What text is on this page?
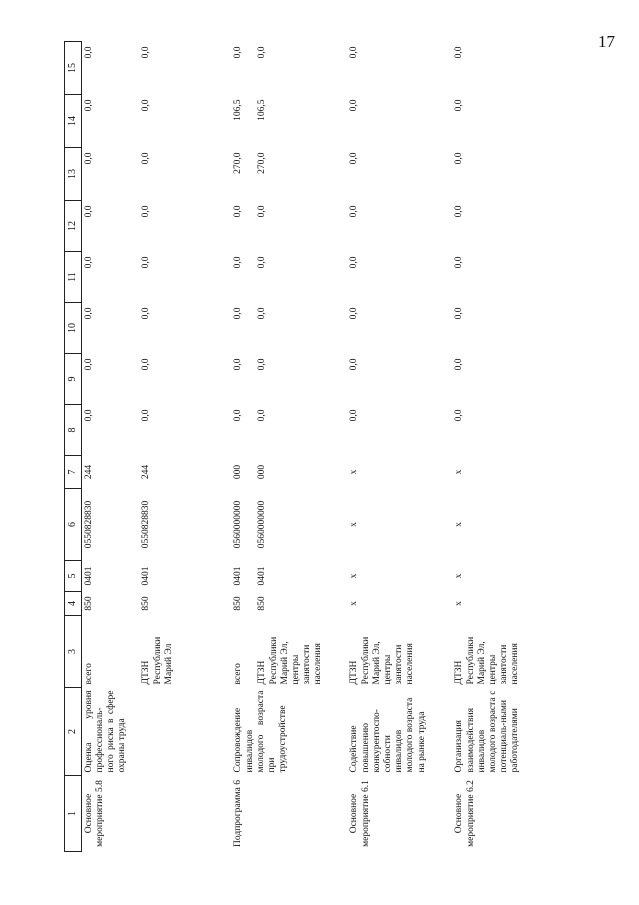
17
1	2	3	4	5	6	7	8	9	10	11	12	13	14	15
Основное мероприятие 5.8	Оценка уровня профессиональ-ного риска в сфере охраны труда	всего	850	0401	0550828830	244	0,0	0,0	0,0	0,0	0,0	0,0	0,0	0,0
		ДТЗН Республики Марий Эл	850	0401	0550828830	244	0,0	0,0	0,0	0,0	0,0	0,0	0,0	0,0
Подпрограмма 6	Сопровождение инвалидов молодого возраста при трудоустройстве	всего	850	0401	0560000000	000	0,0	0,0	0,0	0,0	0,0	270,0	106,5	0,0
		ДТЗН Республики Марий Эл, центры занятости населения	850	0401	0560000000	000	0,0	0,0	0,0	0,0	0,0	270,0	106,5	0,0
Основное мероприятие 6.1	Содействие повышению конкурентоспо-собности инвалидов молодого возраста на рынке труда	ДТЗН Республики Марий Эл, центры занятости населения	x	x	x	x	0,0	0,0	0,0	0,0	0,0	0,0	0,0	0,0
Основное мероприятие 6.2	Организация взаимодействия инвалидов молодого возраста с потенциаль-ными работодателями	ДТЗН Республики Марий Эл, центры занятости населения	x	x	x	x	0,0	0,0	0,0	0,0	0,0	0,0	0,0	0,0
